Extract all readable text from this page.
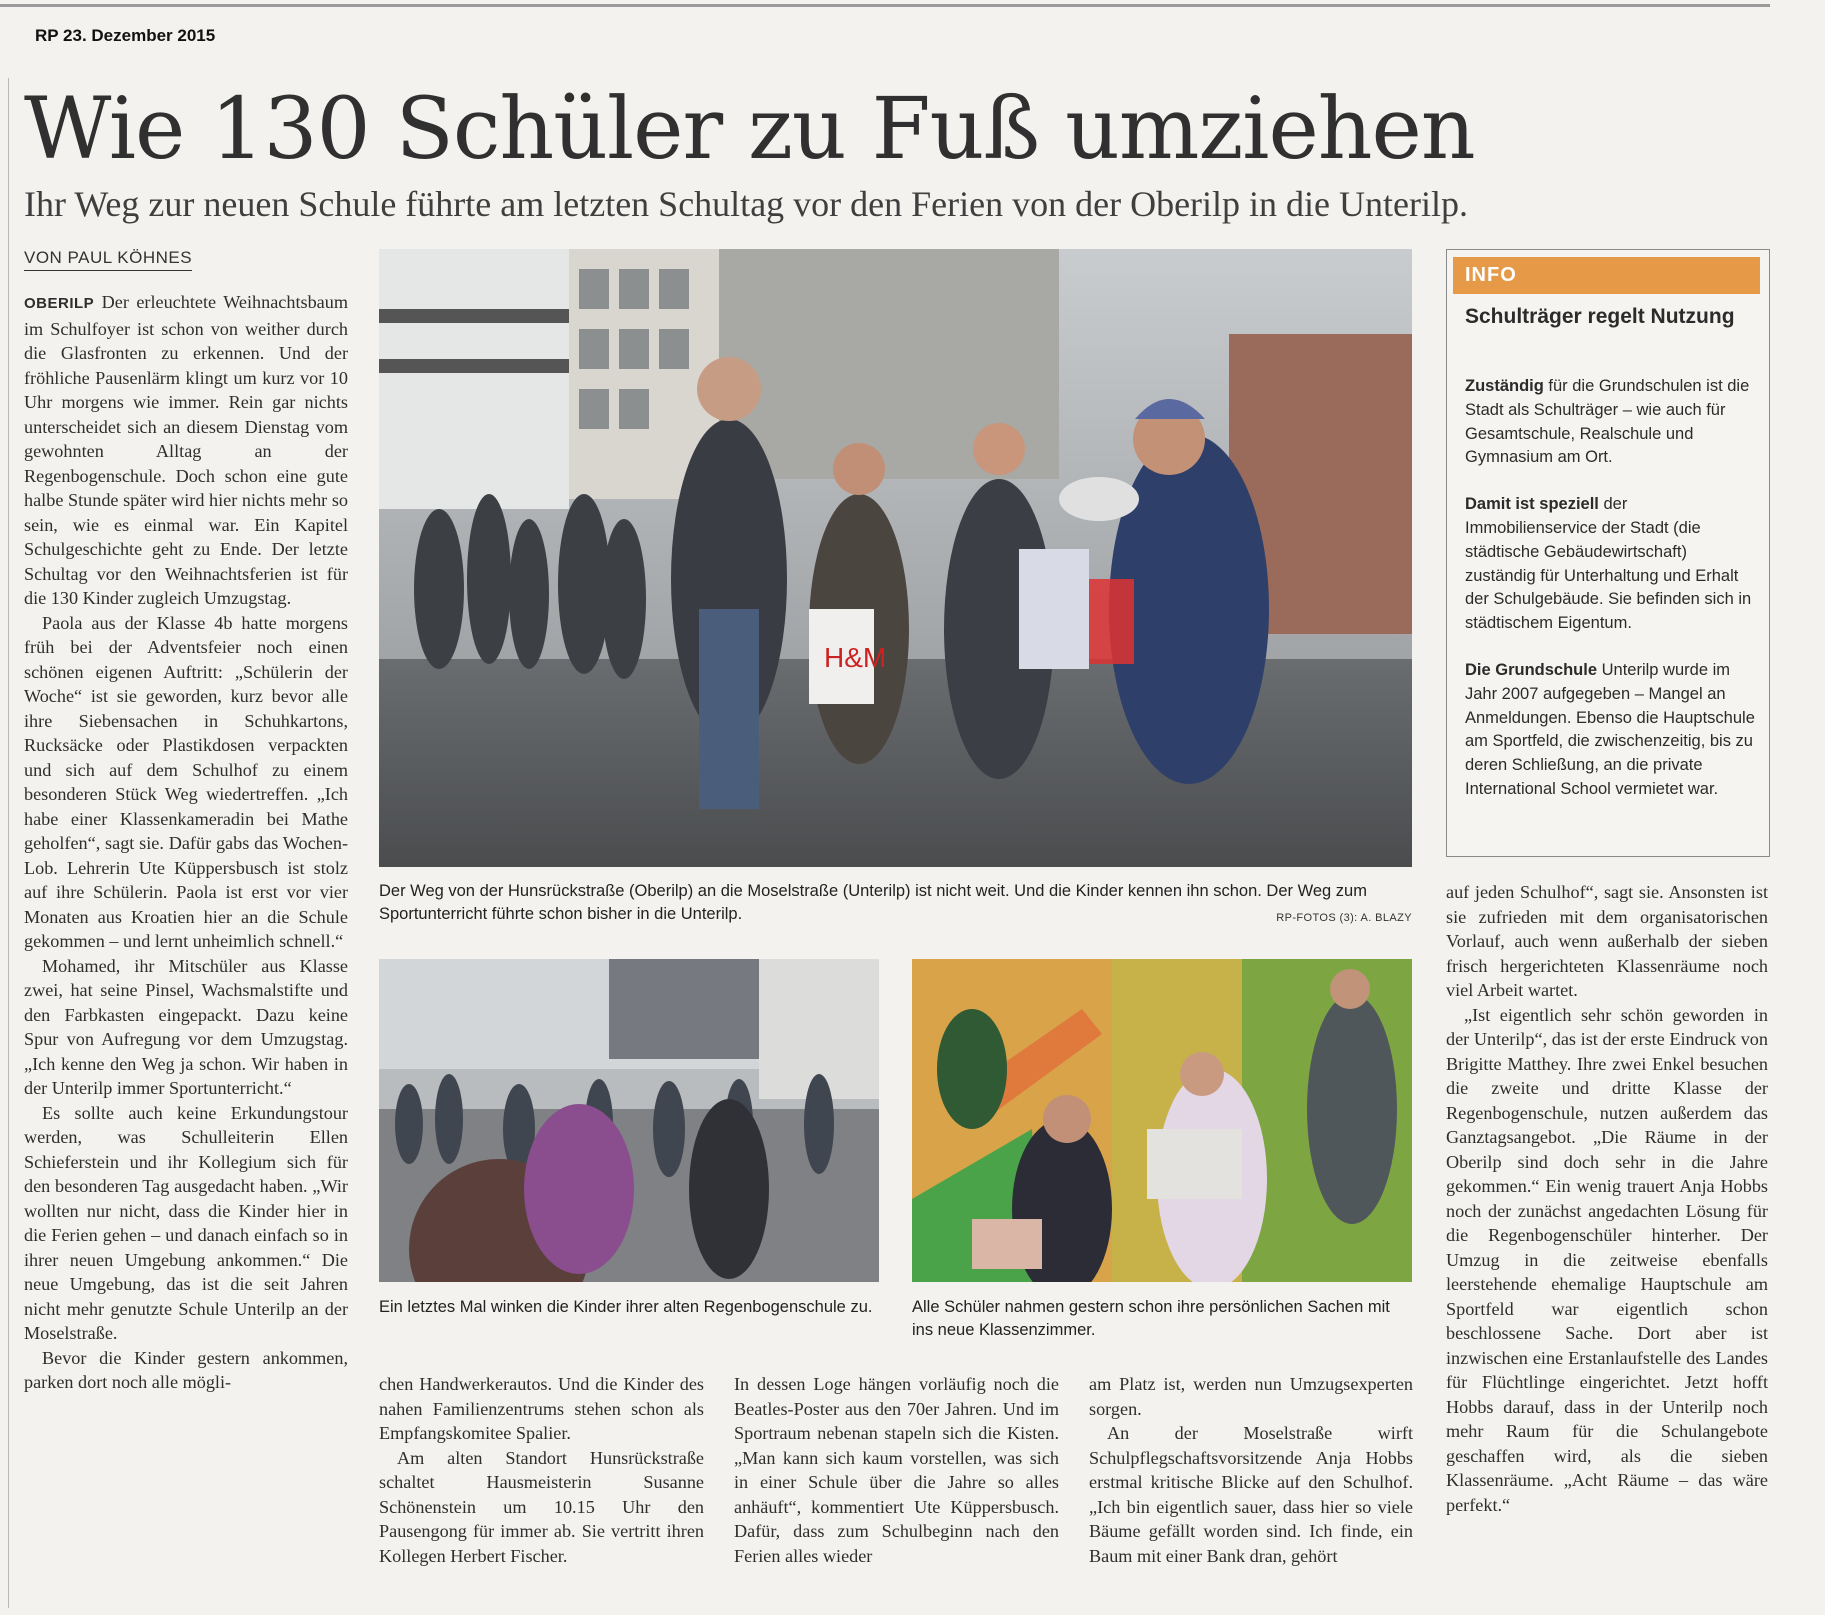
RP 23. Dezember 2015
Wie 130 Schüler zu Fuß umziehen
Ihr Weg zur neuen Schule führte am letzten Schultag vor den Ferien von der Oberilp in die Unterilp.
VON PAUL KÖHNES

OBERILP Der erleuchtete Weihnachtsbaum im Schulfoyer ist schon von weither durch die Glasfronten zu erkennen. Und der fröhliche Pausenlärm klingt um kurz vor 10 Uhr morgens wie immer. Rein gar nichts unterscheidet sich an diesem Dienstag vom gewohnten Alltag an der Regenbogenschule. Doch schon eine gute halbe Stunde später wird hier nichts mehr so sein, wie es einmal war. Ein Kapitel Schulgeschichte geht zu Ende. Der letzte Schultag vor den Weihnachtsferien ist für die 130 Kinder zugleich Umzugstag.

Paola aus der Klasse 4b hatte morgens früh bei der Adventsfeier noch einen schönen eigenen Auftritt: „Schülerin der Woche“ ist sie geworden, kurz bevor alle ihre Siebensachen in Schuhkartons, Rucksäcke oder Plastikdosen verpackten und sich auf dem Schulhof zu einem besonderen Stück Weg wiedertreffen. „Ich habe einer Klassenkameradin bei Mathe geholfen“, sagt sie. Dafür gabs das Wochen-Lob. Lehrerin Ute Küppersbusch ist stolz auf ihre Schülerin. Paola ist erst vor vier Monaten aus Kroatien hier an die Schule gekommen – und lernt unheimlich schnell.“

Mohamed, ihr Mitschüler aus Klasse zwei, hat seine Pinsel, Wachsmalstifte und den Farbkasten eingepackt. Dazu keine Spur von Aufregung vor dem Umzugstag. „Ich kenne den Weg ja schon. Wir haben in der Unterilp immer Sportunterricht.“

Es sollte auch keine Erkundungstour werden, was Schulleiterin Ellen Schieferstein und ihr Kollegium sich für den besonderen Tag ausgedacht haben. „Wir wollten nur nicht, dass die Kinder hier in die Ferien gehen – und danach einfach so in ihrer neuen Umgebung ankommen.“ Die neue Umgebung, das ist die seit Jahren nicht mehr genutzte Schule Unterilp an der Moselstraße.

Bevor die Kinder gestern ankommen, parken dort noch alle mögli-

H&M
Der Weg von der Hunsrückstraße (Oberilp) an die Moselstraße (Unterilp) ist nicht weit. Und die Kinder kennen ihn schon. Der Weg zum Sportunterricht führte schon bisher in die Unterilp.	RP-FOTOS (3): A. BLAZY
INFO
Schulträger regelt Nutzung

Zuständig für die Grundschulen ist die Stadt als Schulträger – wie auch für Gesamtschule, Realschule und Gymnasium am Ort.

Damit ist speziell der Immobilienservice der Stadt (die städtische Gebäudewirtschaft) zuständig für Unterhaltung und Erhalt der Schulgebäude. Sie befinden sich in städtischem Eigentum.

Die Grundschule Unterilp wurde im Jahr 2007 aufgegeben – Mangel an Anmeldungen. Ebenso die Hauptschule am Sportfeld, die zwischenzeitig, bis zu deren Schließung, an die private International School vermietet war.

auf jeden Schulhof“, sagt sie. Ansonsten ist sie zufrieden mit dem organisatorischen Vorlauf, auch wenn außerhalb der sieben frisch hergerichteten Klassenräume noch viel Arbeit wartet.

„Ist eigentlich sehr schön geworden in der Unterilp“, das ist der erste Eindruck von Brigitte Matthey. Ihre zwei Enkel besuchen die zweite und dritte Klasse der Regenbogenschule, nutzen außerdem das Ganztagsangebot. „Die Räume in der Oberilp sind doch sehr in die Jahre gekommen.“ Ein wenig trauert Anja Hobbs noch der zunächst angedachten Lösung für die Regenbogenschüler hinterher. Der Umzug in die zeitweise ebenfalls leerstehende ehemalige Hauptschule am Sportfeld war eigentlich schon beschlossene Sache. Dort aber ist inzwischen eine Erstanlaufstelle des Landes für Flüchtlinge eingerichtet. Jetzt hofft Hobbs darauf, dass in der Unterilp noch mehr Raum für die Schulangebote geschaffen wird, als die sieben Klassenräume. „Acht Räume – das wäre perfekt.“

Ein letztes Mal winken die Kinder ihrer alten Regenbogenschule zu.	Alle Schüler nahmen gestern schon ihre persönlichen Sachen mit ins neue Klassenzimmer.

chen Handwerkerautos. Und die Kinder des nahen Familienzentrums stehen schon als Empfangskomitee Spalier.

Am alten Standort Hunsrückstraße schaltet Hausmeisterin Susanne Schönenstein um 10.15 Uhr den Pausengong für immer ab. Sie vertritt ihren Kollegen Herbert Fischer.

In dessen Loge hängen vorläufig noch die Beatles-Poster aus den 70er Jahren. Und im Sportraum nebenan stapeln sich die Kisten. „Man kann sich kaum vorstellen, was sich in einer Schule über die Jahre so alles anhäuft“, kommentiert Ute Küppersbusch. Dafür, dass zum Schulbeginn nach den Ferien alles wieder

am Platz ist, werden nun Umzugsexperten sorgen.

An der Moselstraße wirft Schulpflegschaftsvorsitzende Anja Hobbs erstmal kritische Blicke auf den Schulhof. „Ich bin eigentlich sauer, dass hier so viele Bäume gefällt worden sind. Ich finde, ein Baum mit einer Bank dran, gehört
